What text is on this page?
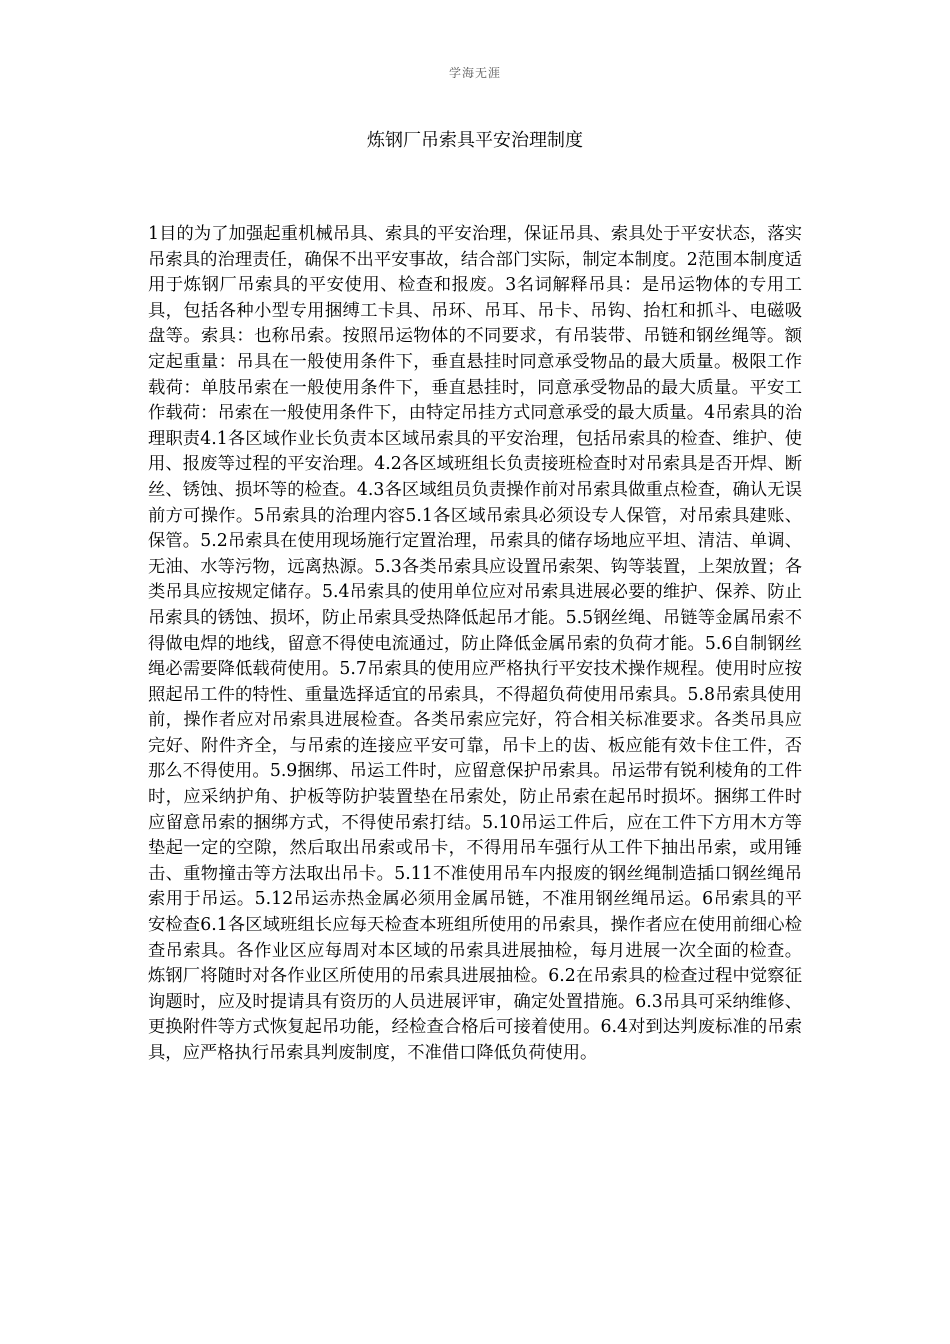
学海无涯
炼钢厂吊索具平安治理制度
1目的为了加强起重机械吊具、索具的平安治理，保证吊具、索具处于平安状态，落实吊索具的治理责任，确保不出平安事故，结合部门实际，制定本制度。2范围本制度适用于炼钢厂吊索具的平安使用、检查和报废。3名词解释吊具：是吊运物体的专用工具，包括各种小型专用捆缚工卡具、吊环、吊耳、吊卡、吊钩、抬杠和抓斗、电磁吸盘等。索具：也称吊索。按照吊运物体的不同要求，有吊装带、吊链和钢丝绳等。额定起重量：吊具在一般使用条件下，垂直悬挂时同意承受物品的最大质量。极限工作载荷：单肢吊索在一般使用条件下，垂直悬挂时，同意承受物品的最大质量。平安工作载荷：吊索在一般使用条件下，由特定吊挂方式同意承受的最大质量。4吊索具的治理职责4.1各区域作业长负责本区域吊索具的平安治理，包括吊索具的检查、维护、使用、报废等过程的平安治理。4.2各区域班组长负责接班检查时对吊索具是否开焊、断丝、锈蚀、损坏等的检查。4.3各区域组员负责操作前对吊索具做重点检查，确认无误前方可操作。5吊索具的治理内容5.1各区域吊索具必须设专人保管，对吊索具建账、保管。5.2吊索具在使用现场施行定置治理，吊索具的储存场地应平坦、清洁、单调、无油、水等污物，远离热源。5.3各类吊索具应设置吊索架、钩等装置，上架放置；各类吊具应按规定储存。5.4吊索具的使用单位应对吊索具进展必要的维护、保养、防止吊索具的锈蚀、损坏，防止吊索具受热降低起吊才能。5.5钢丝绳、吊链等金属吊索不得做电焊的地线，留意不得使电流通过，防止降低金属吊索的负荷才能。5.6自制钢丝绳必需要降低载荷使用。5.7吊索具的使用应严格执行平安技术操作规程。使用时应按照起吊工件的特性、重量选择适宜的吊索具，不得超负荷使用吊索具。5.8吊索具使用前，操作者应对吊索具进展检查。各类吊索应完好，符合相关标准要求。各类吊具应完好、附件齐全，与吊索的连接应平安可靠，吊卡上的齿、板应能有效卡住工件，否那么不得使用。5.9捆绑、吊运工件时，应留意保护吊索具。吊运带有锐利棱角的工件时，应采纳护角、护板等防护装置垫在吊索处，防止吊索在起吊时损坏。捆绑工件时应留意吊索的捆绑方式，不得使吊索打结。5.10吊运工件后，应在工件下方用木方等垫起一定的空隙，然后取出吊索或吊卡，不得用吊车强行从工件下抽出吊索，或用锤击、重物撞击等方法取出吊卡。5.11不准使用吊车内报废的钢丝绳制造插口钢丝绳吊索用于吊运。5.12吊运赤热金属必须用金属吊链，不准用钢丝绳吊运。6吊索具的平安检查6.1各区域班组长应每天检查本班组所使用的吊索具，操作者应在使用前细心检查吊索具。各作业区应每周对本区域的吊索具进展抽检，每月进展一次全面的检查。炼钢厂将随时对各作业区所使用的吊索具进展抽检。6.2在吊索具的检查过程中觉察征询题时，应及时提请具有资历的人员进展评审，确定处置措施。6.3吊具可采纳维修、更换附件等方式恢复起吊功能，经检查合格后可接着使用。6.4对到达判废标准的吊索具，应严格执行吊索具判废制度，不准借口降低负荷使用。
